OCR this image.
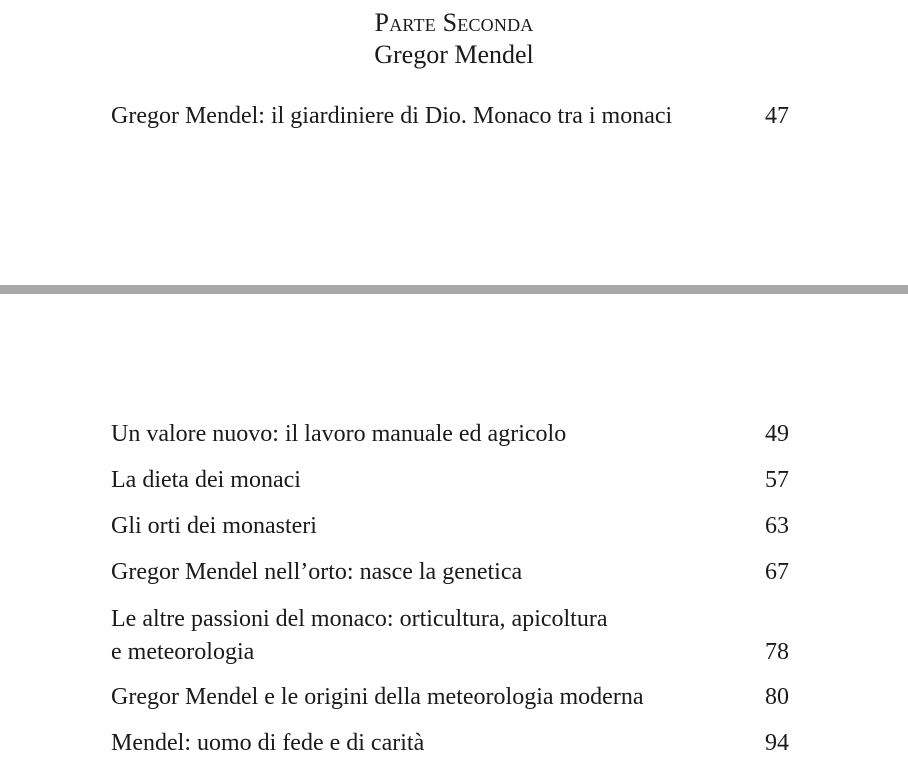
Parte Seconda
Gregor Mendel
Gregor Mendel: il giardiniere di Dio. Monaco tra i monaci	47
Un valore nuovo: il lavoro manuale ed agricolo	49
La dieta dei monaci	57
Gli orti dei monasteri	63
Gregor Mendel nell’orto: nasce la genetica	67
Le altre passioni del monaco: orticultura, apicoltura
e meteorologia	78
Gregor Mendel e le origini della meteorologia moderna	80
Mendel: uomo di fede e di carità	94
